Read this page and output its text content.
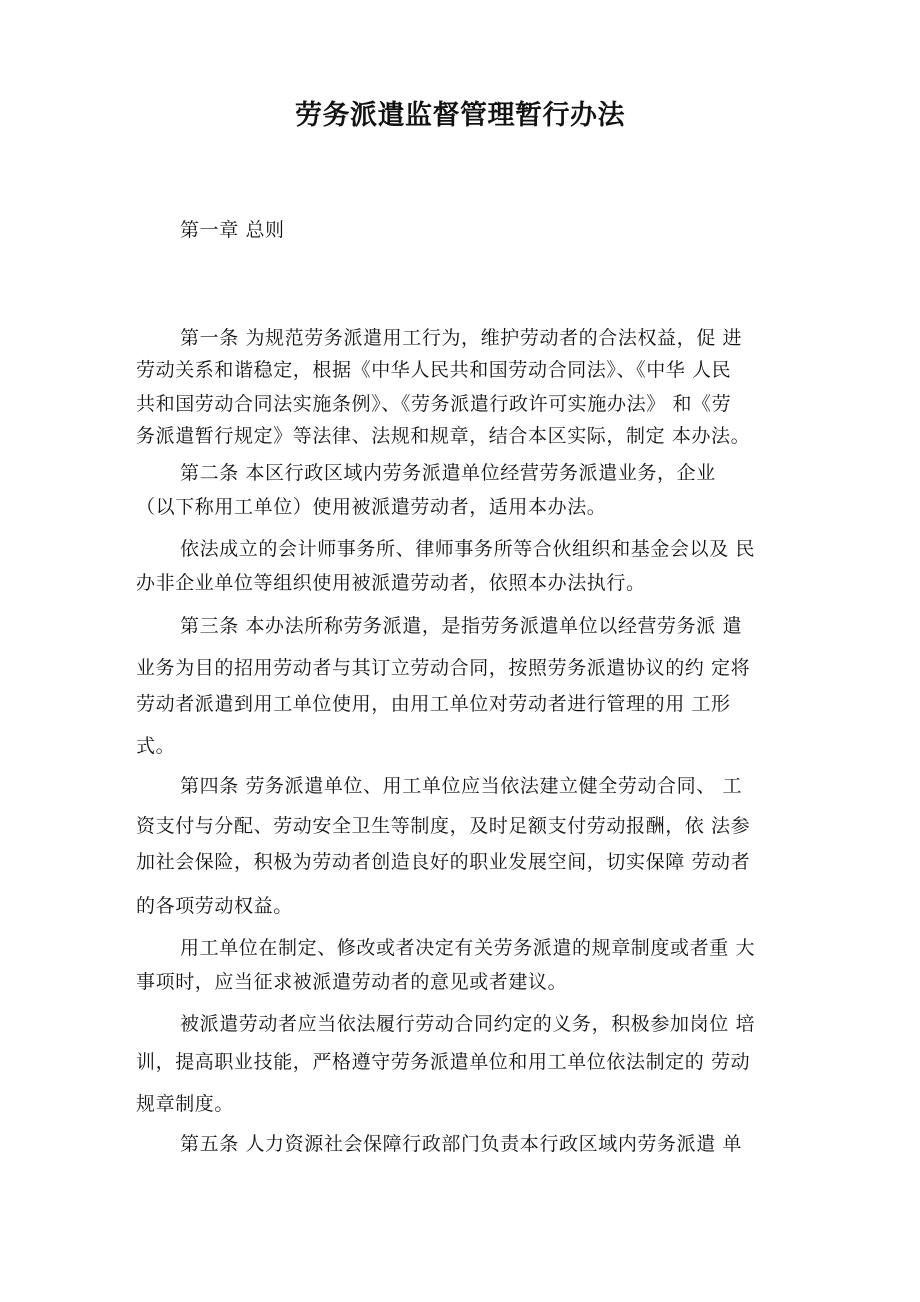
劳务派遣监督管理暂行办法
第一章 总则
第一条 为规范劳务派遣用工行为，维护劳动者的合法权益，促 进
劳动关系和谐稳定，根据《中华人民共和国劳动合同法》、《中华 人民
共和国劳动合同法实施条例》、《劳务派遣行政许可实施办法》 和《劳
务派遣暂行规定》等法律、法规和规章，结合本区实际，制定 本办法。
第二条 本区行政区域内劳务派遣单位经营劳务派遣业务，企业
（以下称用工单位）使用被派遣劳动者，适用本办法。
依法成立的会计师事务所、律师事务所等合伙组织和基金会以及 民
办非企业单位等组织使用被派遣劳动者，依照本办法执行。
第三条 本办法所称劳务派遣，是指劳务派遣单位以经营劳务派 遣
业务为目的招用劳动者与其订立劳动合同，按照劳务派遣协议的约 定将
劳动者派遣到用工单位使用，由用工单位对劳动者进行管理的用 工形
式。
第四条 劳务派遣单位、用工单位应当依法建立健全劳动合同、 工
资支付与分配、劳动安全卫生等制度，及时足额支付劳动报酬，依 法参
加社会保险，积极为劳动者创造良好的职业发展空间，切实保障 劳动者
的各项劳动权益。
用工单位在制定、修改或者决定有关劳务派遣的规章制度或者重 大
事项时，应当征求被派遣劳动者的意见或者建议。
被派遣劳动者应当依法履行劳动合同约定的义务，积极参加岗位 培
训，提高职业技能，严格遵守劳务派遣单位和用工单位依法制定的 劳动
规章制度。
第五条 人力资源社会保障行政部门负责本行政区域内劳务派遣 单
